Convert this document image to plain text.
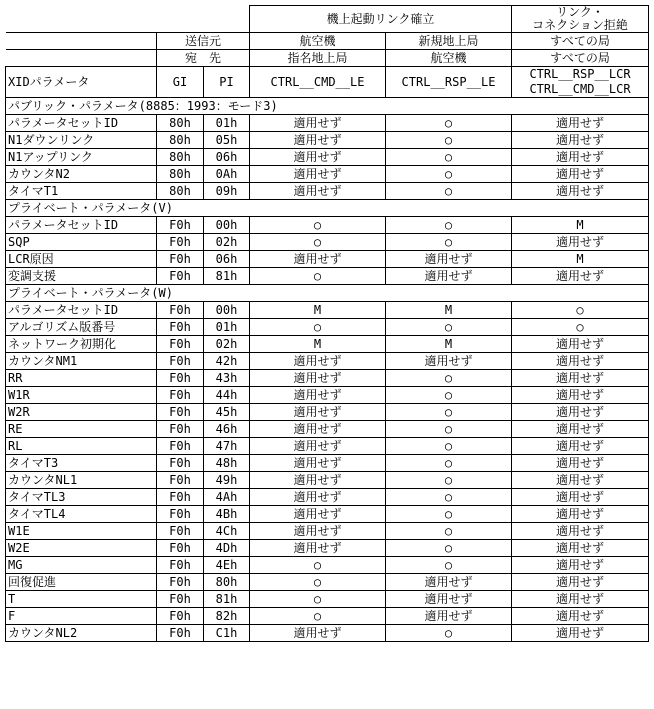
			機上起動リンク確立		リンク・
コネクション拒絶
	送信元		航空機	新規地上局	すべての局
	宛　先		指名地上局	航空機	すべての局
XIDパラメータ	GI	PI	CTRL__CMD__LE	CTRL__RSP__LE	CTRL__RSP__LCR
CTRL__CMD__LCR
パブリック・パラメータ(8885：1993：モード3)					
パラメータセットID	80h	01h	適用せず	○	適用せず
N1ダウンリンク	80h	05h	適用せず	○	適用せず
N1アップリンク	80h	06h	適用せず	○	適用せず
カウンタN2	80h	0Ah	適用せず	○	適用せず
タイマT1	80h	09h	適用せず	○	適用せず
プライベート・パラメータ(V)					
パラメータセットID	F0h	00h	○	○	M
SQP	F0h	02h	○	○	適用せず
LCR原因	F0h	06h	適用せず	適用せず	M
変調支援	F0h	81h	○	適用せず	適用せず
プライベート・パラメータ(W)					
パラメータセットID	F0h	00h	M	M	○
アルゴリズム版番号	F0h	01h	○	○	○
ネットワーク初期化	F0h	02h	M	M	適用せず
カウンタNM1	F0h	42h	適用せず	適用せず	適用せず
RR	F0h	43h	適用せず	○	適用せず
W1R	F0h	44h	適用せず	○	適用せず
W2R	F0h	45h	適用せず	○	適用せず
RE	F0h	46h	適用せず	○	適用せず
RL	F0h	47h	適用せず	○	適用せず
タイマT3	F0h	48h	適用せず	○	適用せず
カウンタNL1	F0h	49h	適用せず	○	適用せず
タイマTL3	F0h	4Ah	適用せず	○	適用せず
タイマTL4	F0h	4Bh	適用せず	○	適用せず
W1E	F0h	4Ch	適用せず	○	適用せず
W2E	F0h	4Dh	適用せず	○	適用せず
MG	F0h	4Eh	○	○	適用せず
回復促進	F0h	80h	○	適用せず	適用せず
T	F0h	81h	○	適用せず	適用せず
F	F0h	82h	○	適用せず	適用せず
カウンタNL2	F0h	C1h	適用せず	○	適用せず
